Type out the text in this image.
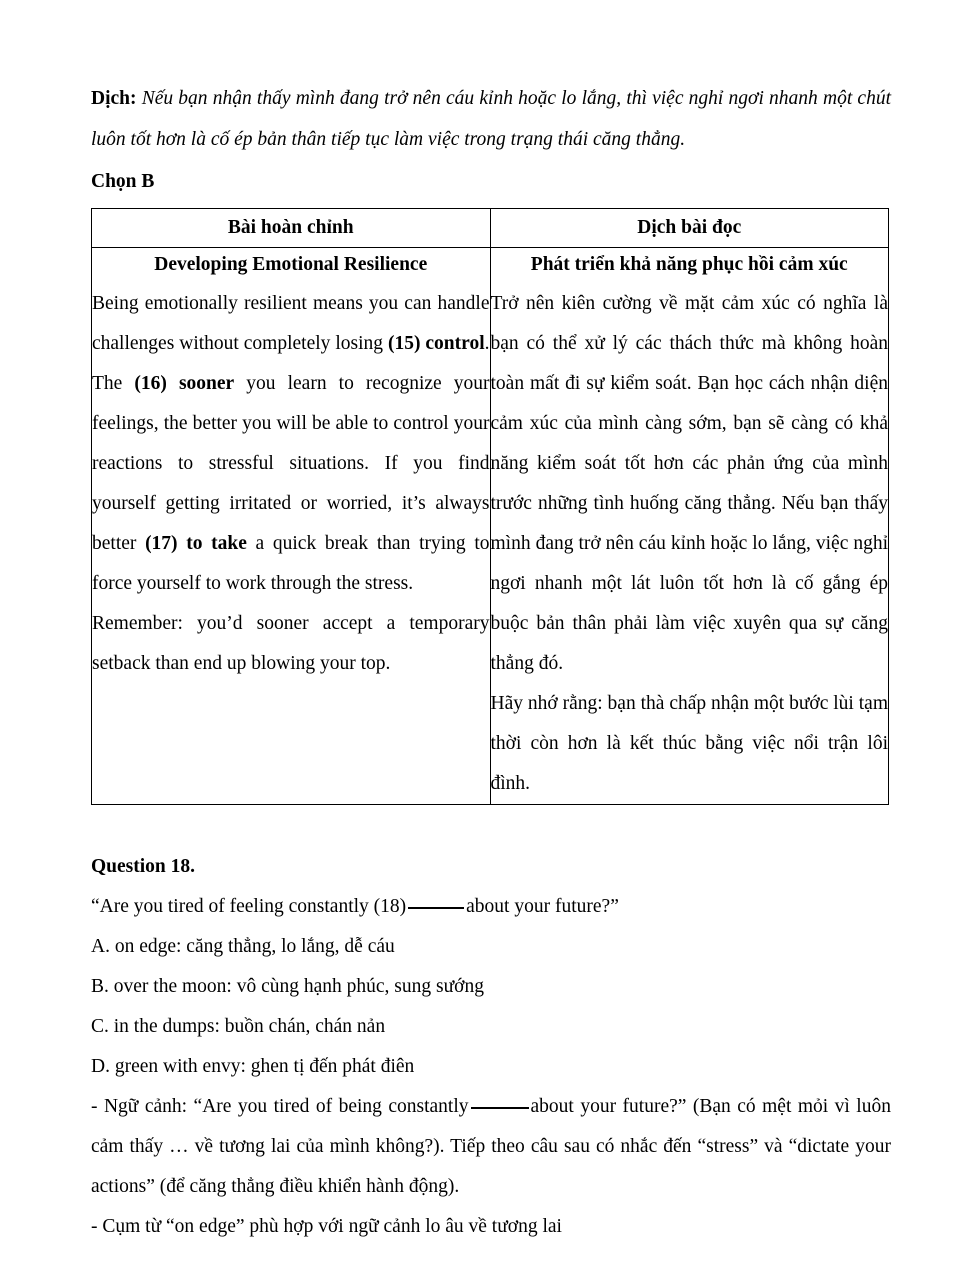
Dịch: Nếu bạn nhận thấy mình đang trở nên cáu kỉnh hoặc lo lắng, thì việc nghỉ ngơi nhanh một chút luôn tốt hơn là cố ép bản thân tiếp tục làm việc trong trạng thái căng thẳng.
Chọn B
Bài hoàn chỉnh	Dịch bài đọc

Developing Emotional Resilience
Being emotionally resilient means you can handle challenges without completely losing (15) control. The (16) sooner you learn to recognize your feelings, the better you will be able to control your reactions to stressful situations. If you find yourself getting irritated or worried, it’s always better (17) to take a quick break than trying to force yourself to work through the stress.
Remember: you’d sooner accept a temporary setback than end up blowing your top.

Phát triển khả năng phục hồi cảm xúc
Trở nên kiên cường về mặt cảm xúc có nghĩa là bạn có thể xử lý các thách thức mà không hoàn toàn mất đi sự kiểm soát. Bạn học cách nhận diện cảm xúc của mình càng sớm, bạn sẽ càng có khả năng kiểm soát tốt hơn các phản ứng của mình trước những tình huống căng thẳng. Nếu bạn thấy mình đang trở nên cáu kỉnh hoặc lo lắng, việc nghỉ ngơi nhanh một lát luôn tốt hơn là cố gắng ép buộc bản thân phải làm việc xuyên qua sự căng thẳng đó.
Hãy nhớ rằng: bạn thà chấp nhận một bước lùi tạm thời còn hơn là kết thúc bằng việc nổi trận lôi đình.
Question 18.
“Are you tired of feeling constantly (18)	about your future?”
A. on edge: căng thẳng, lo lắng, dễ cáu
B. over the moon: vô cùng hạnh phúc, sung sướng
C. in the dumps: buồn chán, chán nản
D. green with envy: ghen tị đến phát điên
- Ngữ cảnh: “Are you tired of being constantly	about your future?” (Bạn có mệt mỏi vì luôn cảm thấy … về tương lai của mình không?). Tiếp theo câu sau có nhắc đến “stress” và “dictate your actions” (để căng thẳng điều khiển hành động).
- Cụm từ “on edge” phù hợp với ngữ cảnh lo âu về tương lai
